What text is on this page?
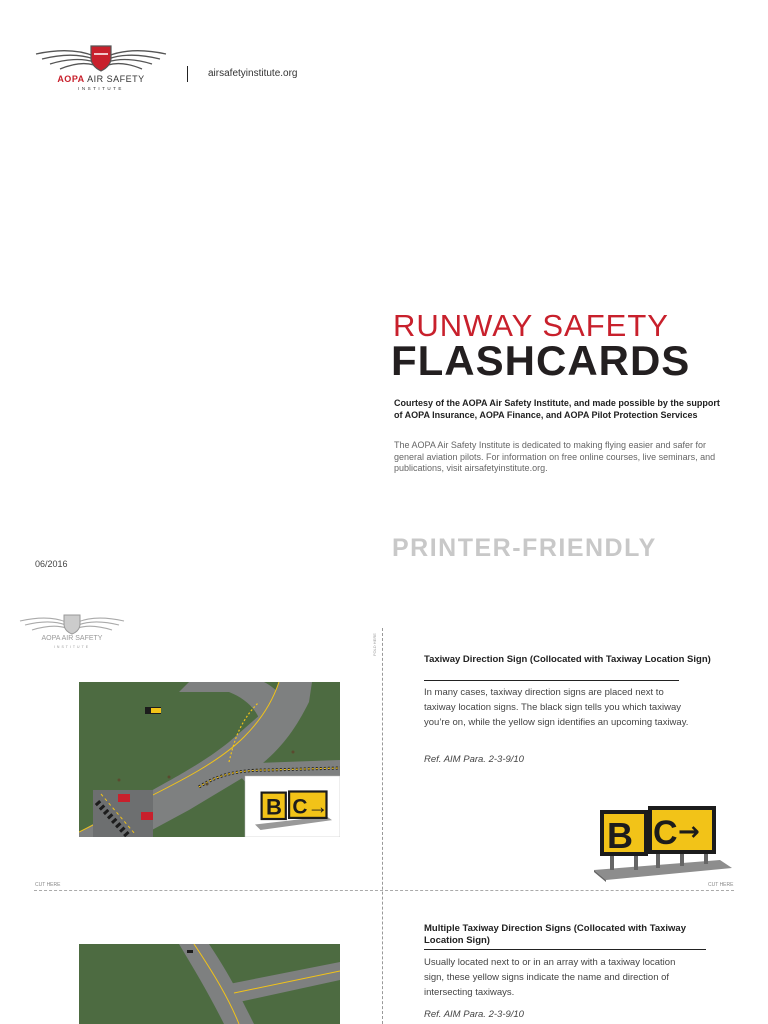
AOPA AIR SAFETY
INSTITUTE
airsafetyinstitute.org
RUNWAY SAFETY
FLASHCARDS
Courtesy of the AOPA Air Safety Institute, and made possible by the support of AOPA Insurance, AOPA Finance, and AOPA Pilot Protection Services
The AOPA Air Safety Institute is dedicated to making flying easier and safer for general aviation pilots. For information on free online courses, live seminars, and publications, visit airsafetyinstitute.org.
06/2016
PRINTER-FRIENDLY
AOPA AIR SAFETY
INSTITUTE	FOLD HERE
CUT HERE	CUT HERE
B C→
Taxiway Direction Sign (Collocated with Taxiway Location Sign)
In many cases, taxiway direction signs are placed next to taxiway location signs. The black sign tells you which taxiway you’re on, while the yellow sign identifies an upcoming taxiway.
Ref. AIM Para. 2-3-9/10
B C →
Multiple Taxiway Direction Signs (Collocated with Taxiway Location Sign)
Usually located next to or in an array with a taxiway location sign, these yellow signs indicate the name and direction of intersecting taxiways.
Ref. AIM Para. 2-3-9/10
